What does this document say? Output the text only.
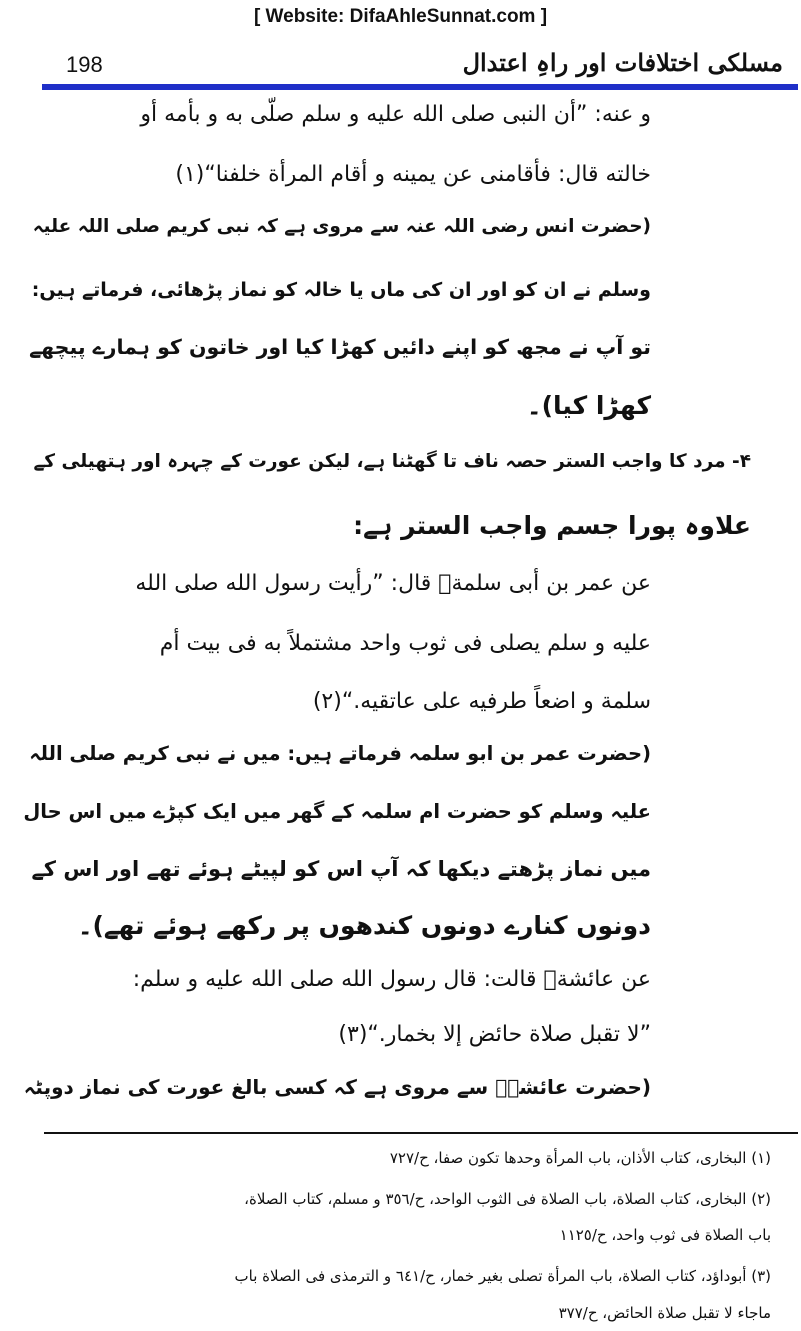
[ Website: DifaAhleSunnat.com ]
198	مسلکی اختلافات اور راہِ اعتدال
و عنه: ”أن النبى صلى الله عليه و سلم صلّى به و بأمه أو
خالته قال: فأقامنى عن يمينه و أقام المرأة خلفنا“(١)
(حضرت انس رضی اللہ عنہ سے مروی ہے کہ نبی کریم صلی اللہ علیہ
وسلم نے ان کو اور ان کی ماں یا خالہ کو نماز پڑھائی، فرماتے ہیں:
تو آپ نے مجھ کو اپنے دائیں کھڑا کیا اور خاتون کو ہمارے پیچھے
کھڑا کیا)۔
۴- مرد کا واجب الستر حصہ ناف تا گھٹنا ہے، لیکن عورت کے چہرہ اور ہتھیلی کے
علاوہ پورا جسم واجب الستر ہے:
عن عمر بن أبى سلمةؓ قال: ”رأيت رسول الله صلى الله
عليه و سلم يصلى فى ثوب واحد مشتملاً به فى بيت أم
سلمة و اضعاً طرفيه على عاتقيه.“(٢)
(حضرت عمر بن ابو سلمہ فرماتے ہیں: میں نے نبی کریم صلی اللہ
علیہ وسلم کو حضرت ام سلمہ کے گھر میں ایک کپڑے میں اس حال
میں نماز پڑھتے دیکھا کہ آپ اس کو لپیٹے ہوئے تھے اور اس کے
دونوں کنارے دونوں کندھوں پر رکھے ہوئے تھے)۔
عن عائشةؓ قالت: قال رسول الله صلى الله عليه و سلم:
”لا تقبل صلاة حائض إلا بخمار.“(٣)
(حضرت عائشہؓ سے مروی ہے کہ کسی بالغ عورت کی نماز دوپٹہ
(١) البخارى، كتاب الأذان، باب المرأة وحدها تكون صفا، ح/٧٢٧
(٢) البخارى، كتاب الصلاة، باب الصلاة فى الثوب الواحد، ح/٣٥٦ و مسلم، كتاب الصلاة،
باب الصلاة فى ثوب واحد، ح/١١٢٥
(٣) أبوداؤد، كتاب الصلاة، باب المرأة تصلى بغير خمار، ح/٦٤١ و الترمذى فى الصلاة باب
ماجاء لا تقبل صلاة الحائض، ح/٣٧٧
